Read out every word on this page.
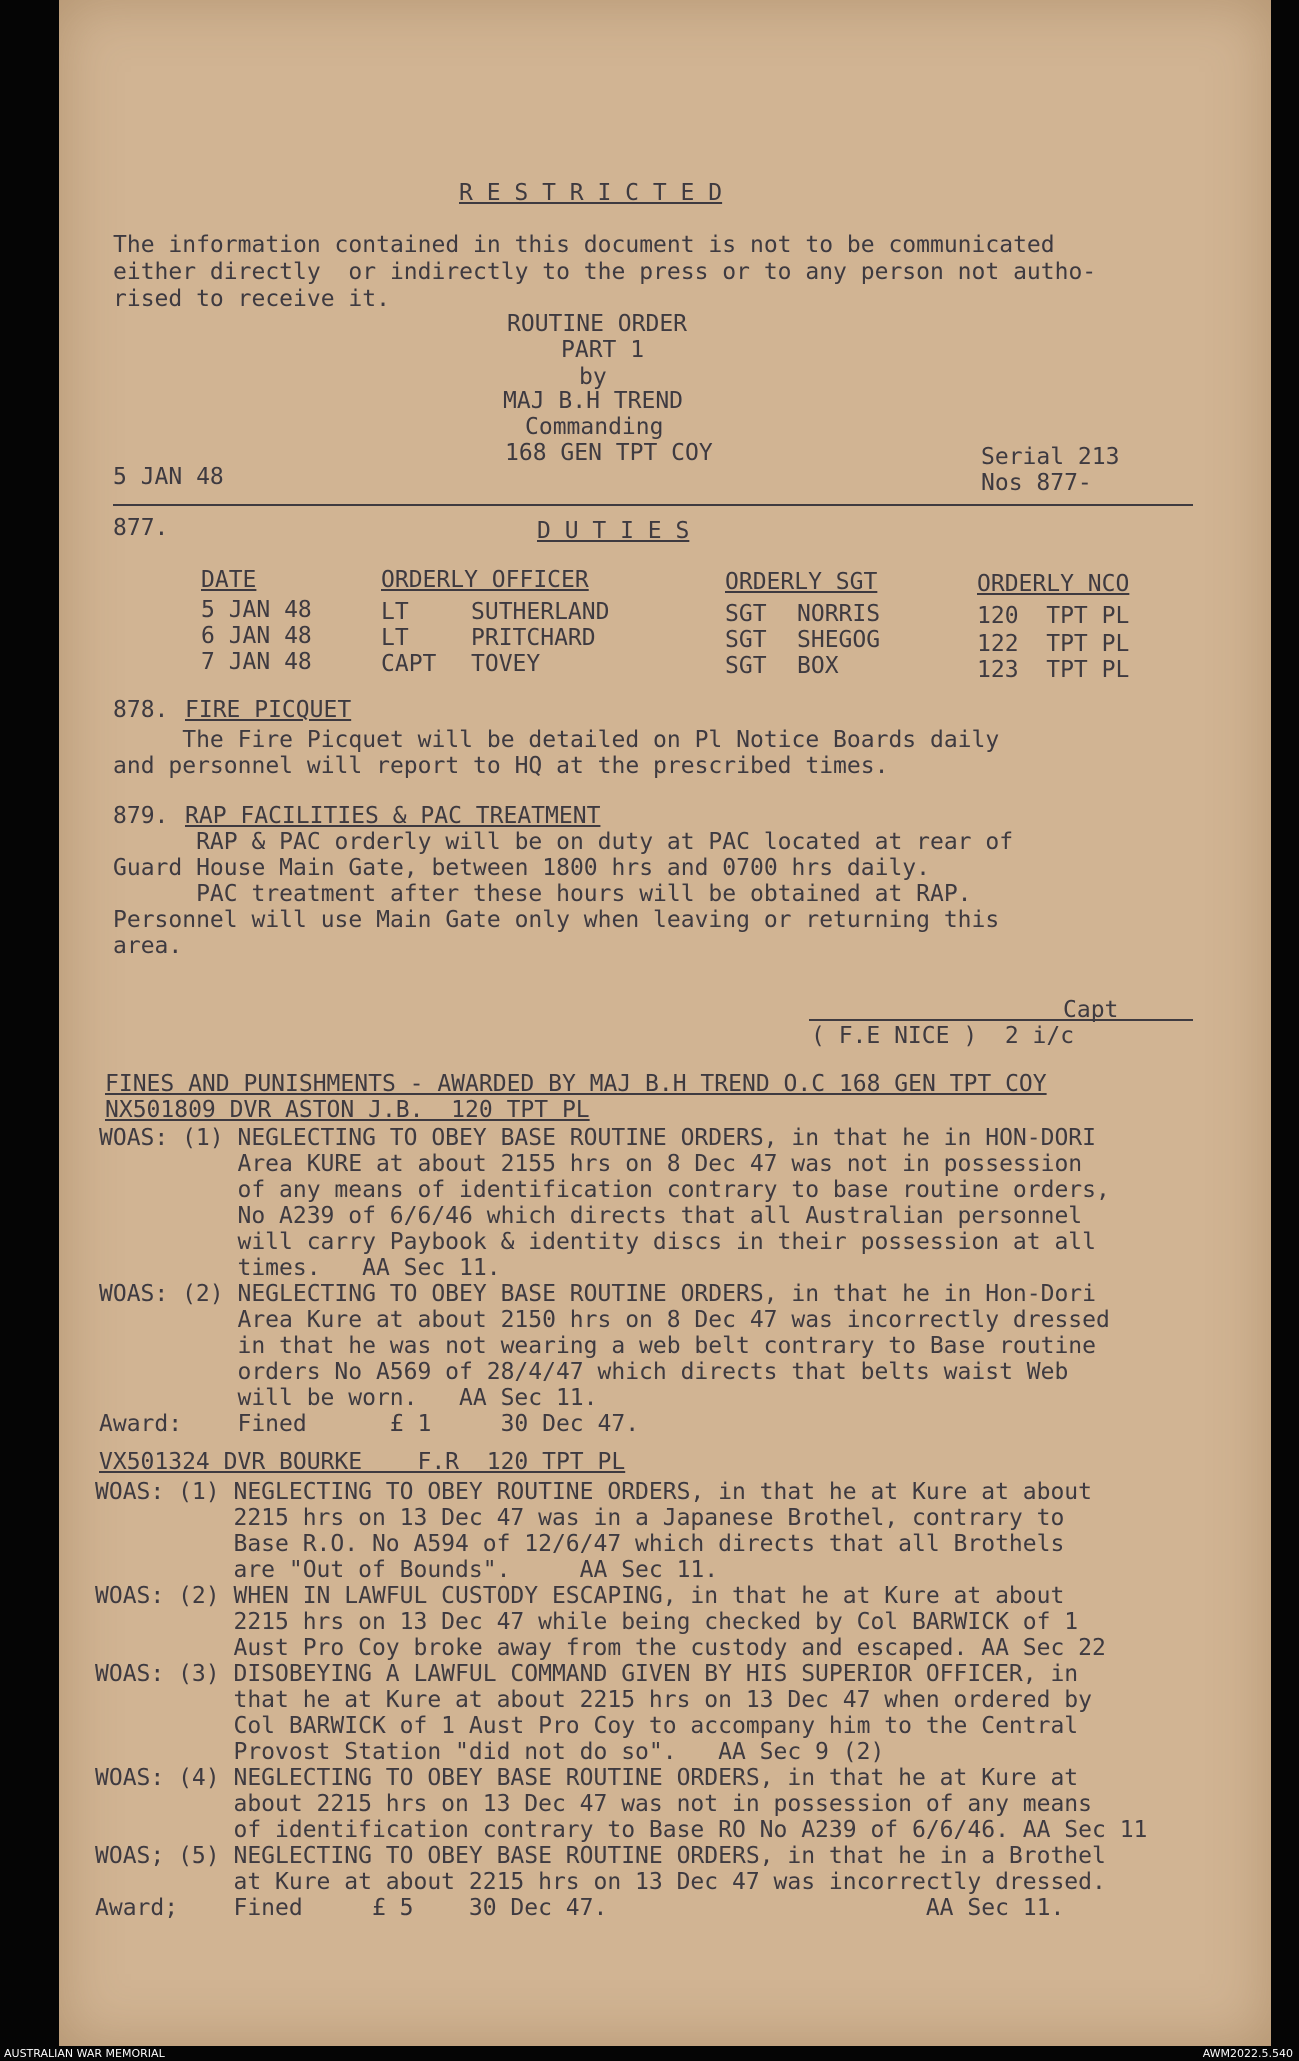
R E S T R I C T E D
The information contained in this document is not to be communicated
either directly  or indirectly to the press or to any person not autho-
rised to receive it.
ROUTINE ORDER
PART 1
by
MAJ B.H TREND
Commanding
168 GEN TPT COY
5 JAN 48
Serial 213
Nos 877-
877.	D U T I E S
DATE	ORDERLY OFFICER	ORDERLY SGT	ORDERLY NCO
5 JAN 48	LT	SUTHERLAND	SGT NORRIS	120  TPT PL
6 JAN 48	LT	PRITCHARD	SGT SHEGOG	122  TPT PL
7 JAN 48	CAPT TOVEY	SGT BOX	123  TPT PL
878. FIRE PICQUET
The Fire Picquet will be detailed on Pl Notice Boards daily
and personnel will report to HQ at the prescribed times.
879. RAP FACILITIES & PAC TREATMENT
RAP & PAC orderly will be on duty at PAC located at rear of
Guard House Main Gate, between 1800 hrs and 0700 hrs daily.
PAC treatment after these hours will be obtained at RAP.
Personnel will use Main Gate only when leaving or returning this
area.
Capt
( F.E NICE )  2 i/c
FINES AND PUNISHMENTS - AWARDED BY MAJ B.H TREND O.C 168 GEN TPT COY
NX501809 DVR ASTON J.B.  120 TPT PL
WOAS: (1) NEGLECTING TO OBEY BASE ROUTINE ORDERS, in that he in HON-DORI
Area KURE at about 2155 hrs on 8 Dec 47 was not in possession
of any means of identification contrary to base routine orders,
No A239 of 6/6/46 which directs that all Australian personnel
will carry Paybook & identity discs in their possession at all
times.   AA Sec 11.
WOAS: (2) NEGLECTING TO OBEY BASE ROUTINE ORDERS, in that he in Hon-Dori
Area Kure at about 2150 hrs on 8 Dec 47 was incorrectly dressed
in that he was not wearing a web belt contrary to Base routine
orders No A569 of 28/4/47 which directs that belts waist Web
will be worn.   AA Sec 11.
Award:    Fined      £ 1     30 Dec 47.
VX501324 DVR BOURKE    F.R  120 TPT PL
WOAS: (1) NEGLECTING TO OBEY ROUTINE ORDERS, in that he at Kure at about
2215 hrs on 13 Dec 47 was in a Japanese Brothel, contrary to
Base R.O. No A594 of 12/6/47 which directs that all Brothels
are "Out of Bounds".     AA Sec 11.
WOAS: (2) WHEN IN LAWFUL CUSTODY ESCAPING, in that he at Kure at about
2215 hrs on 13 Dec 47 while being checked by Col BARWICK of 1
Aust Pro Coy broke away from the custody and escaped. AA Sec 22
WOAS: (3) DISOBEYING A LAWFUL COMMAND GIVEN BY HIS SUPERIOR OFFICER, in
that he at Kure at about 2215 hrs on 13 Dec 47 when ordered by
Col BARWICK of 1 Aust Pro Coy to accompany him to the Central
Provost Station "did not do so".   AA Sec 9 (2)
WOAS: (4) NEGLECTING TO OBEY BASE ROUTINE ORDERS, in that he at Kure at
about 2215 hrs on 13 Dec 47 was not in possession of any means
of identification contrary to Base RO No A239 of 6/6/46. AA Sec 11
WOAS; (5) NEGLECTING TO OBEY BASE ROUTINE ORDERS, in that he in a Brothel
at Kure at about 2215 hrs on 13 Dec 47 was incorrectly dressed.
Award;    Fined     £ 5    30 Dec 47.                       AA Sec 11.
AUSTRALIAN WAR MEMORIAL	AWM2022.5.540
